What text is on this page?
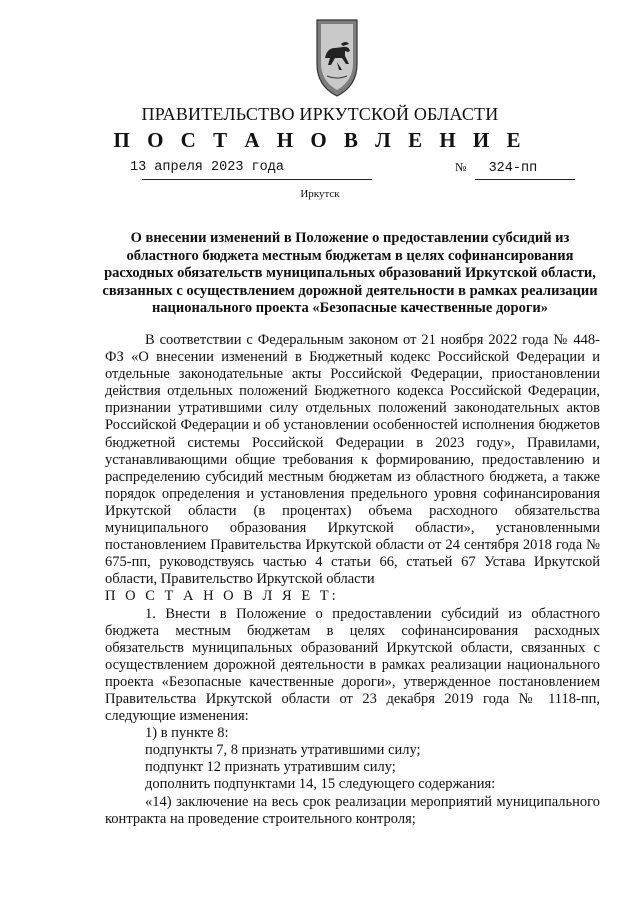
ПРАВИТЕЛЬСТВО ИРКУТСКОЙ ОБЛАСТИ
П О С Т А Н О В Л Е Н И Е
13 апреля 2023 года	№ 324-пп
Иркутск
О внесении изменений в Положение о предоставлении субсидий из областного бюджета местным бюджетам в целях софинансирования расходных обязательств муниципальных образований Иркутской области, связанных с осуществлением дорожной деятельности в рамках реализации национального проекта «Безопасные качественные дороги»

В соответствии с Федеральным законом от 21 ноября 2022 года № 448-ФЗ «О внесении изменений в Бюджетный кодекс Российской Федерации и отдельные законодательные акты Российской Федерации, приостановлении действия отдельных положений Бюджетного кодекса Российской Федерации, признании утратившими силу отдельных положений законодательных актов Российской Федерации и об установлении особенностей исполнения бюджетов бюджетной системы Российской Федерации в 2023 году», Правилами, устанавливающими общие требования к формированию, предоставлению и распределению субсидий местным бюджетам из областного бюджета, а также порядок определения и установления предельного уровня софинансирования Иркутской области (в процентах) объема расходного обязательства муниципального образования Иркутской области», установленными постановлением Правительства Иркутской области от 24 сентября 2018 года № 675-пп, руководствуясь частью 4 статьи 66, статьей 67 Устава Иркутской области, Правительство Иркутской области

П О С Т А Н О В Л Я Е Т:

1. Внести в Положение о предоставлении субсидий из областного бюджета местным бюджетам в целях софинансирования расходных обязательств муниципальных образований Иркутской области, связанных с осуществлением дорожной деятельности в рамках реализации национального проекта «Безопасные качественные дороги», утвержденное постановлением Правительства Иркутской области от 23 декабря 2019 года № 1118-пп, следующие изменения:

1) в пункте 8:

подпункты 7, 8 признать утратившими силу;

подпункт 12 признать утратившим силу;

дополнить подпунктами 14, 15 следующего содержания:

«14) заключение на весь срок реализации мероприятий муниципального контракта на проведение строительного контроля;
